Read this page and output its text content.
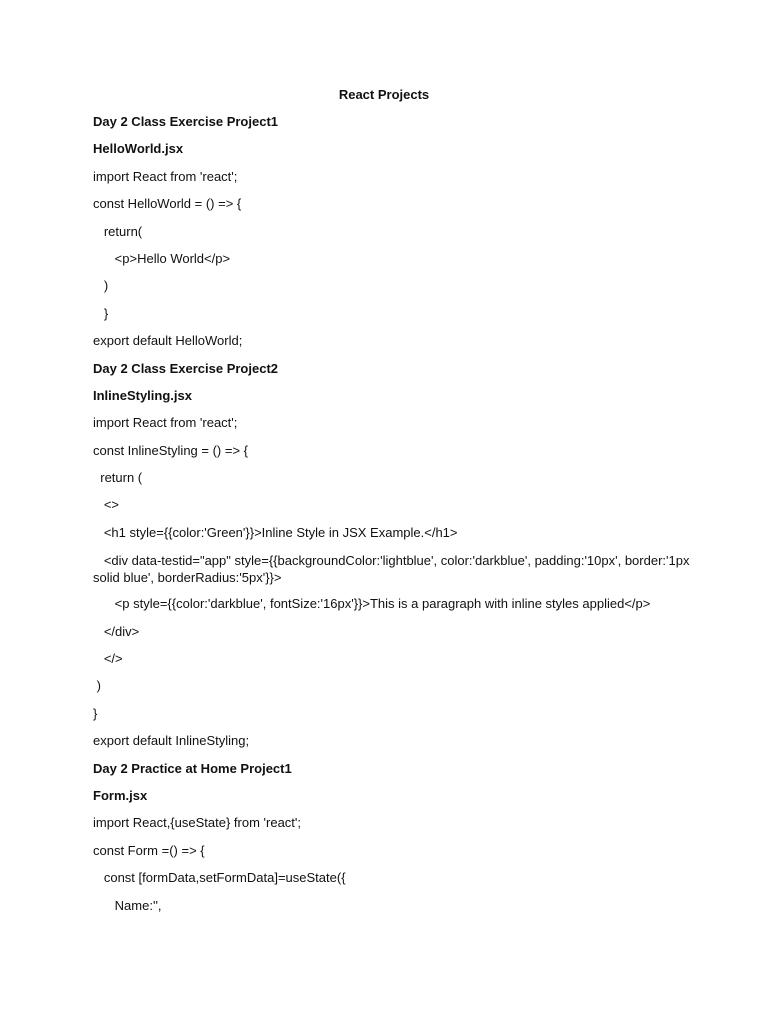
React Projects
Day 2 Class Exercise Project1
HelloWorld.jsx
import React from 'react';
const HelloWorld = () => {
return(
<p>Hello World</p>
)
}
export default HelloWorld;
Day 2 Class Exercise Project2
InlineStyling.jsx
import React from 'react';
const InlineStyling = () => {
return (
<>
<h1 style={{color:'Green'}}>Inline Style in JSX Example.</h1>
<div data-testid="app" style={{backgroundColor:'lightblue', color:'darkblue', padding:'10px', border:'1px solid blue', borderRadius:'5px'}}>
<p style={{color:'darkblue', fontSize:'16px'}}>This is a paragraph with inline styles applied</p>
</div>
</>
)
}
export default InlineStyling;
Day 2 Practice at Home Project1
Form.jsx
import React,{useState} from 'react';
const Form =() => {
const [formData,setFormData]=useState({
Name:'',
